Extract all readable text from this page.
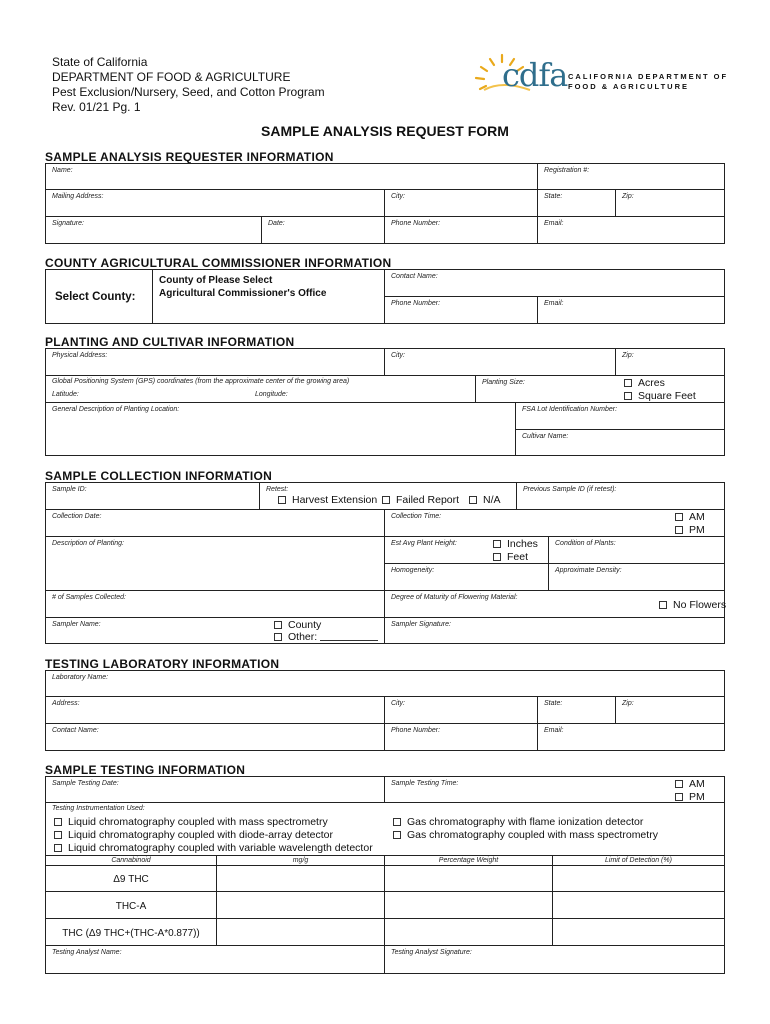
State of California
DEPARTMENT OF FOOD & AGRICULTURE
Pest Exclusion/Nursery, Seed, and Cotton Program
Rev. 01/21 Pg. 1
cdfa CALIFORNIA DEPARTMENT OF
FOOD & AGRICULTURE
SAMPLE ANALYSIS REQUEST FORM
SAMPLE ANALYSIS REQUESTER INFORMATION
Name:	Registration #:
Mailing Address:	City:	State:	Zip:
Signature:	Date:	Phone Number:	Email:
COUNTY AGRICULTURAL COMMISSIONER INFORMATION
Select County:
County of Please Select
Agricultural Commissioner's Office
Contact Name:
Phone Number:	Email:
PLANTING AND CULTIVAR INFORMATION
Physical Address:	City:	Zip:
Global Positioning System (GPS) coordinates (from the approximate center of the growing area)
Latitude:	Longitude:
Planting Size:	Acres
Square Feet
General Description of Planting Location:	FSA Lot Identification Number:
Cultivar Name:
SAMPLE COLLECTION INFORMATION
Sample ID:	Retest:
Harvest Extension	Failed Report	N/A
Previous Sample ID (if retest):
Collection Date:	Collection Time:	AM
PM
Description of Planting:	Est Avg Plant Height:	Inches
Feet
Condition of Plants:
Homogeneity:	Approximate Density:
# of Samples Collected:	Degree of Maturity of Flowering Material:
No Flowers
Sampler Name:	County
Other:
Sampler Signature:
TESTING LABORATORY INFORMATION
Laboratory Name:
Address:	City:	State:	Zip:
Contact Name:	Phone Number:	Email:
SAMPLE TESTING INFORMATION
Sample Testing Date:	Sample Testing Time:	AM
PM
Testing Instrumentation Used:
Liquid chromatography coupled with mass spectrometry
Liquid chromatography coupled with diode-array detector
Liquid chromatography coupled with variable wavelength detector
Gas chromatography with flame ionization detector
Gas chromatography coupled with mass spectrometry
Cannabinoid	mg/g	Percentage Weight	Limit of Detection (%)
Δ9 THC
THC-A
THC (Δ9 THC+(THC-A*0.877))
Testing Analyst Name:	Testing Analyst Signature:
